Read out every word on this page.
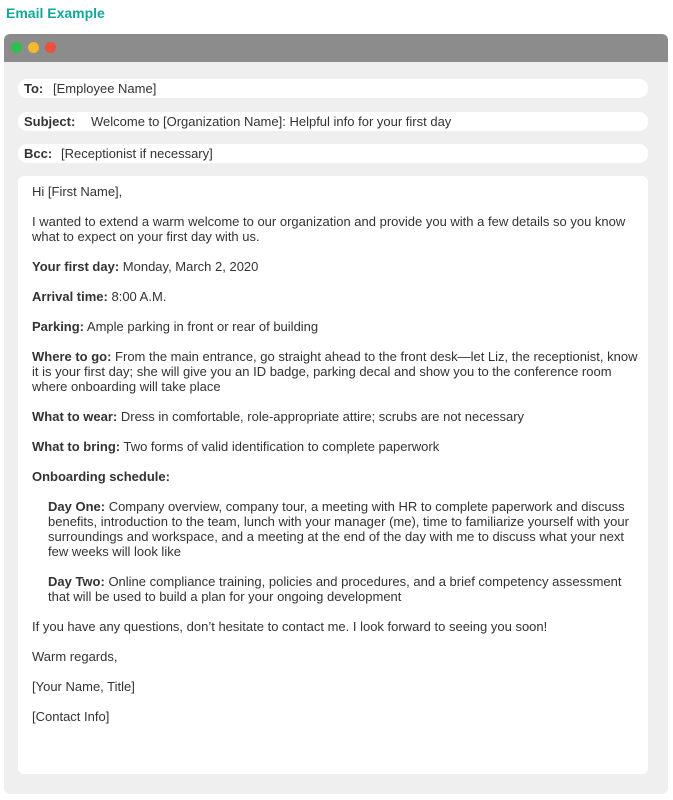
Email Example
To: [Employee Name]
Subject: Welcome to [Organization Name]: Helpful info for your first day
Bcc: [Receptionist if necessary]

Hi [First Name],

I wanted to extend a warm welcome to our organization and provide you with a few details so you know what to expect on your first day with us.

Your first day: Monday, March 2, 2020

Arrival time: 8:00 A.M.

Parking: Ample parking in front or rear of building

Where to go: From the main entrance, go straight ahead to the front desk—let Liz, the receptionist, know it is your first day; she will give you an ID badge, parking decal and show you to the conference room where onboarding will take place

What to wear: Dress in comfortable, role-appropriate attire; scrubs are not necessary

What to bring: Two forms of valid identification to complete paperwork

Onboarding schedule:

Day One: Company overview, company tour, a meeting with HR to complete paperwork and discuss benefits, introduction to the team, lunch with your manager (me), time to familiarize yourself with your surroundings and workspace, and a meeting at the end of the day with me to discuss what your next few weeks will look like

Day Two: Online compliance training, policies and procedures, and a brief competency assessment that will be used to build a plan for your ongoing development

If you have any questions, don’t hesitate to contact me. I look forward to seeing you soon!

Warm regards,

[Your Name, Title]

[Contact Info]
